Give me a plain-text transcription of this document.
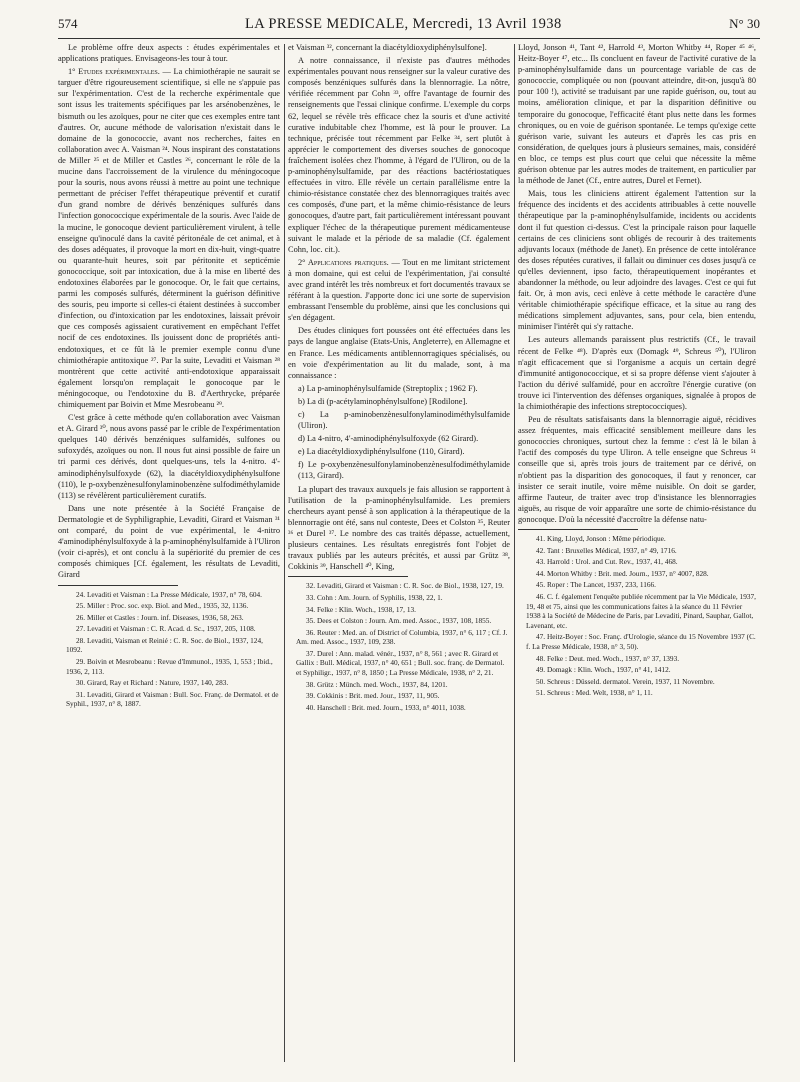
574	LA PRESSE MEDICALE, Mercredi, 13 Avril 1938	N° 30

Le problème offre deux aspects : études expérimentales et applications pratiques. Envisageons-les tour à tour.

1° Etudes expérimentales. — La chimiothérapie ne saurait se targuer d'être rigoureusement scientifique, si elle ne s'appuie pas sur l'expérimentation. C'est de la recherche expérimentale que sont issus les traitements spécifiques par les arsénobenzènes, le bismuth ou les azoïques, pour ne citer que ces exemples entre tant d'autres. Or, aucune méthode de valorisation n'existait dans le domaine de la gonococcie, avant nos recherches, faites en collaboration avec A. Vaisman ²⁴. Nous inspirant des constatations de Miller ²⁵ et de Miller et Castles ²⁶, concernant le rôle de la mucine dans l'accroissement de la virulence du méningocoque pour la souris, nous avons réussi à mettre au point une technique permettant de préciser l'effet thérapeutique préventif et curatif d'un grand nombre de dérivés benzéniques sulfurés dans l'infection gonococcique expérimentale de la souris. Avec l'aide de la mucine, le gonocoque devient particulièrement virulent, à telle enseigne qu'inoculé dans la cavité péritonéale de cet animal, et à des doses adéquates, il provoque la mort en dix-huit, vingt-quatre ou quarante-huit heures, soit par péritonite et septicémie gonococcique, soit par intoxication, due à la mise en liberté des endotoxines élaborées par le gonocoque. Or, le fait que certains, parmi les composés sulfurés, déterminent la guérison définitive des souris, peu importe si celles-ci étaient destinées à succomber d'infection, ou d'intoxication par les endotoxines, laissait prévoir que ces composés agissaient curativement en empêchant l'effet nocif de ces endotoxines. Ils jouissent donc de propriétés anti-endotoxiques, et ce fût là le premier exemple connu d'une chimiothérapie antitoxique ²⁷. Par la suite, Levaditi et Vaisman ²⁸ montrèrent que cette activité anti-endotoxique apparaissait également lorsqu'on remplaçait le gonocoque par le méningocoque, ou l'endotoxine du B. d'Aerthrycke, préparée chimiquement par Boivin et Mme Mesrobeanu ²⁹.

C'est grâce à cette méthode qu'en collaboration avec Vaisman et A. Girard ³⁰, nous avons passé par le crible de l'expérimentation quelques 140 dérivés benzéniques sulfamidés, sulfones ou sufoxydés, azoïques ou non. Il nous fut ainsi possible de faire un tri parmi ces dérivés, dont quelques-uns, tels la 4-nitro. 4'-aminodiphénylsulfoxyde (62), la diacétyldioxydiphénylsulfone (110), le p-oxybenzènesulfonylaminobenzène sulfodiméthylamide (113) se révélèrent particulièrement curatifs.

Dans une note présentée à la Société Française de Dermatologie et de Syphiligraphie, Levaditi, Girard et Vaisman ³¹ ont comparé, du point de vue expérimental, le 4-nitro 4'aminodiphénylsulfoxyde à la p-aminophénylsulfamide à l'Uliron (voir ci-après), et ont conclu à la supériorité du premier de ces composés chimiques [Cf. également, les résultats de Levaditi, Girard

24. Levaditi et Vaisman : La Presse Médicale, 1937, n° 78, 604.

25. Miller : Proc. soc. exp. Biol. and Med., 1935, 32, 1136.

26. Miller et Castles : Journ. inf. Diseases, 1936, 58, 263.

27. Levaditi et Vaisman : C. R. Acad. d. Sc., 1937, 205, 1108.

28. Levaditi, Vaisman et Reinié : C. R. Soc. de Biol., 1937, 124, 1092.

29. Boivin et Mesrobeanu : Revue d'Immunol., 1935, 1, 553 ; Ibid., 1936, 2, 113.

30. Girard, Ray et Richard : Nature, 1937, 140, 283.

31. Levaditi, Girard et Vaisman : Bull. Soc. Franç. de Dermatol. et de Syphil., 1937, n° 8, 1887.

et Vaisman ³², concernant la diacétyldioxydiphénylsulfone].

A notre connaissance, il n'existe pas d'autres méthodes expérimentales pouvant nous renseigner sur la valeur curative des composés benzéniques sulfurés dans la blennorragie. La nôtre, vérifiée récemment par Cohn ³³, offre l'avantage de fournir des renseignements que l'essai clinique confirme. L'exemple du corps 62, lequel se révèle très efficace chez la souris et d'une activité curative indubitable chez l'homme, est là pour le prouver. La technique, précisée tout récemment par Felke ³⁴, sert plutôt à apprécier le comportement des diverses souches de gonocoque fraîchement isolées chez l'homme, à l'égard de l'Uliron, ou de la p-aminophénylsulfamide, par des réactions bactériostatiques effectuées in vitro. Elle révèle un certain parallélisme entre la chimio-résistance constatée chez des blennorragiques traités avec ces composés, d'une part, et la même chimio-résistance de leurs gonocoques, d'autre part, fait particulièrement intéressant pouvant expliquer l'échec de la thérapeutique purement médicamenteuse suivant le malade et la période de sa maladie (Cf. également Cohn, loc. cit.).

2° Applications pratiques. — Tout en me limitant strictement à mon domaine, qui est celui de l'expérimentation, j'ai consulté avec grand intérêt les très nombreux et fort documentés travaux se référant à la question. J'apporte donc ici une sorte de supervision embrassant l'ensemble du problème, ainsi que les conclusions qui s'en dégagent.

Des études cliniques fort poussées ont été effectuées dans les pays de langue anglaise (Etats-Unis, Angleterre), en Allemagne et en France. Les médicaments antiblennorragiques spécialisés, ou en voie d'expérimentation au lit du malade, sont, à ma connaissance :

a) La p-aminophénylsulfamide (Streptoplix ; 1962 F).

b) La di (p-acétylaminophénylsulfone) [Rodilone].

c) La p-aminobenzènesulfonylaminodiméthylsulfamide (Uliron).

d) La 4-nitro, 4'-aminodiphénylsulfoxyde (62 Girard).

e) La diacétyldioxydiphénylsulfone (110, Girard).

f) Le p-oxybenzènesulfonylaminobenzènesulfodiméthylamide (113, Girard).

La plupart des travaux auxquels je fais allusion se rapportent à l'utilisation de la p-aminophénylsulfamide. Les premiers chercheurs ayant pensé à son application à la thérapeutique de la blennorragie ont été, sans nul conteste, Dees et Colston ³⁵, Reuter ³⁶ et Durel ³⁷. Le nombre des cas traités dépasse, actuellement, plusieurs centaines. Les résultats enregistrés font l'objet de travaux publiés par les auteurs précités, et aussi par Grütz ³⁸, Cokkinis ³⁹, Hanschell ⁴⁰, King,

32. Levaditi, Girard et Vaisman : C. R. Soc. de Biol., 1938, 127, 19.

33. Cohn : Am. Journ. of Syphilis, 1938, 22, 1.

34. Felke : Klin. Woch., 1938, 17, 13.

35. Dees et Colston : Journ. Am. med. Assoc., 1937, 108, 1855.

36. Reuter : Med. an. of District of Columbia, 1937, n° 6, 117 ; Cf. J. Am. med. Assoc., 1937, 109, 238.

37. Durel : Ann. malad. vénér., 1937, n° 8, 561 ; avec R. Girard et Gallix : Bull. Médical, 1937, n° 40, 651 ; Bull. soc. franç. de Dermatol. et Syphiligr., 1937, n° 8, 1850 ; La Presse Médicale, 1938, n° 2, 21.

38. Grütz : Münch. med. Woch., 1937, 84, 1201.

39. Cokkinis : Brit. med. Jour., 1937, 11, 905.

40. Hanschell : Brit. med. Journ., 1933, n° 4011, 1038.

Lloyd, Jonson ⁴¹, Tant ⁴², Harrold ⁴³, Morton Whitby ⁴⁴, Roper ⁴⁵ ⁴⁶, Heitz-Boyer ⁴⁷, etc... Ils concluent en faveur de l'activité curative de la p-aminophénylsulfamide dans un pourcentage variable de cas de gonococcie, compliquée ou non (pouvant atteindre, dit-on, jusqu'à 80 pour 100 !), activité se traduisant par une rapide guérison, ou, tout au moins, amélioration clinique, et par la disparition définitive ou temporaire du gonocoque, l'efficacité étant plus nette dans les formes chroniques, ou en voie de guérison spontanée. Le temps qu'exige cette guérison varie, suivant les auteurs et d'après les cas pris en considération, de quelques jours à plusieurs semaines, mais, considéré en bloc, ce temps est plus court que celui que nécessite la même guérison obtenue par les autres modes de traitement, en particulier par la méthode de Janet (Cf., entre autres, Durel et Fernet).

Mais, tous les cliniciens attirent également l'attention sur la fréquence des incidents et des accidents attribuables à cette nouvelle thérapeutique par la p-aminophénylsulfamide, incidents ou accidents dont il fut question ci-dessus. C'est la principale raison pour laquelle certains de ces cliniciens sont obligés de recourir à des traitements adjuvants locaux (méthode de Janet). En présence de cette intolérance des doses réputées curatives, il fallait ou diminuer ces doses jusqu'à ce qu'elles deviennent, ipso facto, thérapeutiquement inopérantes et abandonner la méthode, ou leur adjoindre des lavages. C'est ce qui fut fait. Or, à mon avis, ceci enlève à cette méthode le caractère d'une véritable chimiothérapie spécifique efficace, et la situe au rang des médications simplement adjuvantes, sans, pour cela, bien entendu, minimiser l'intérêt qui s'y rattache.

Les auteurs allemands paraissent plus restrictifs (Cf., le travail récent de Felke ⁴⁸). D'après eux (Domagk ⁴⁹, Schreus ⁵⁰), l'Uliron n'agit efficacement que si l'organisme a acquis un certain degré d'immunité antigonococcique, et si sa propre défense vient s'ajouter à l'action du dérivé sulfamidé, pour en accroître l'énergie curative (on trouve ici l'intervention des défenses organiques, signalée à propos de la chimiothérapie des infections streptococciques).

Peu de résultats satisfaisants dans la blennorragie aiguë, récidives assez fréquentes, mais efficacité sensiblement meilleure dans les gonococcies chroniques, surtout chez la femme : c'est là le bilan à l'actif des composés du type Uliron. A telle enseigne que Schreus ⁵¹ conseille que si, après trois jours de traitement par ce dérivé, on n'obtient pas la disparition des gonocoques, il faut y renoncer, car insister ce serait inutile, voire même nuisible. On doit se garder, affirme l'auteur, de traiter avec trop d'insistance les blennorragies aiguës, au risque de voir apparaître une sorte de chimio-résistance du gonocoque. D'où la nécessité d'accroître la défense natu-

41. King, Lloyd, Jonson : Même périodique.

42. Tant : Bruxelles Médical, 1937, n° 49, 1716.

43. Harrold : Urol. and Cut. Rev., 1937, 41, 468.

44. Morton Whitby : Brit. med. Journ., 1937, n° 4007, 828.

45. Roper : The Lancet, 1937, 233, 1166.

46. C. f. également l'enquête publiée récemment par la Vie Médicale, 1937, 19, 48 et 75, ainsi que les communications faites à la séance du 11 Février 1938 à la Société de Médecine de Paris, par Levaditi, Pinard, Sauphar, Gallot, Lavenant, etc.

47. Heitz-Boyer : Soc. Franç. d'Urologie, séance du 15 Novembre 1937 (C. f. La Presse Médicale, 1938, n° 3, 50).

48. Felke : Deut. med. Woch., 1937, n° 37, 1393.

49. Domagk : Klin. Woch., 1937, n° 41, 1412.

50. Schreus : Düsseld. dermatol. Verein, 1937, 11 Novembre.

51. Schreus : Med. Welt, 1938, n° 1, 11.
